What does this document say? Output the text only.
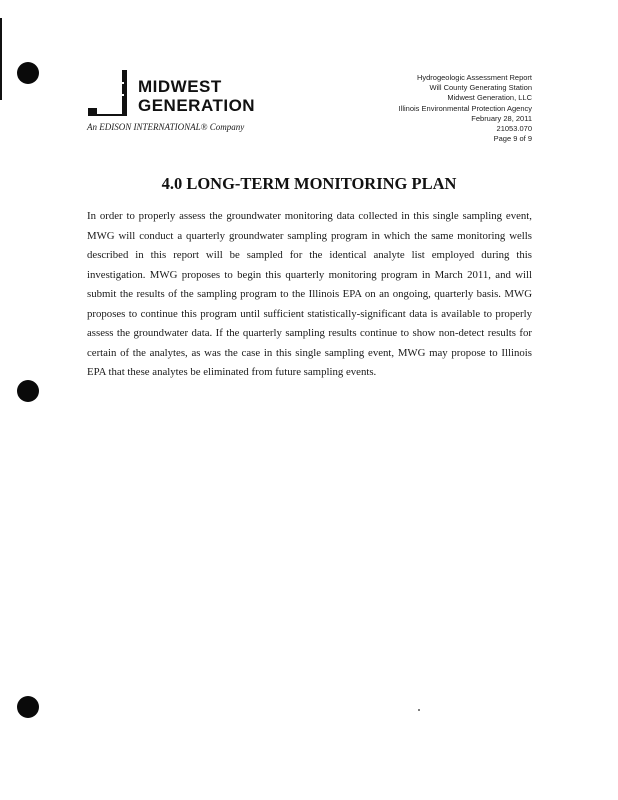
MIDWEST
GENERATION
An EDISON INTERNATIONAL® Company
Hydrogeologic Assessment Report
Will County Generating Station
Midwest Generation, LLC
Illinois Environmental Protection Agency
February 28, 2011
21053.070
Page 9 of 9
4.0 LONG-TERM MONITORING PLAN

In order to properly assess the groundwater monitoring data collected in this single sampling event, MWG will conduct a quarterly groundwater sampling program in which the same monitoring wells described in this report will be sampled for the identical analyte list employed during this investigation. MWG proposes to begin this quarterly monitoring program in March 2011, and will submit the results of the sampling program to the Illinois EPA on an ongoing, quarterly basis. MWG proposes to continue this program until sufficient statistically-significant data is available to properly assess the groundwater data. If the quarterly sampling results continue to show non-detect results for certain of the analytes, as was the case in this single sampling event, MWG may propose to Illinois EPA that these analytes be eliminated from future sampling events.
